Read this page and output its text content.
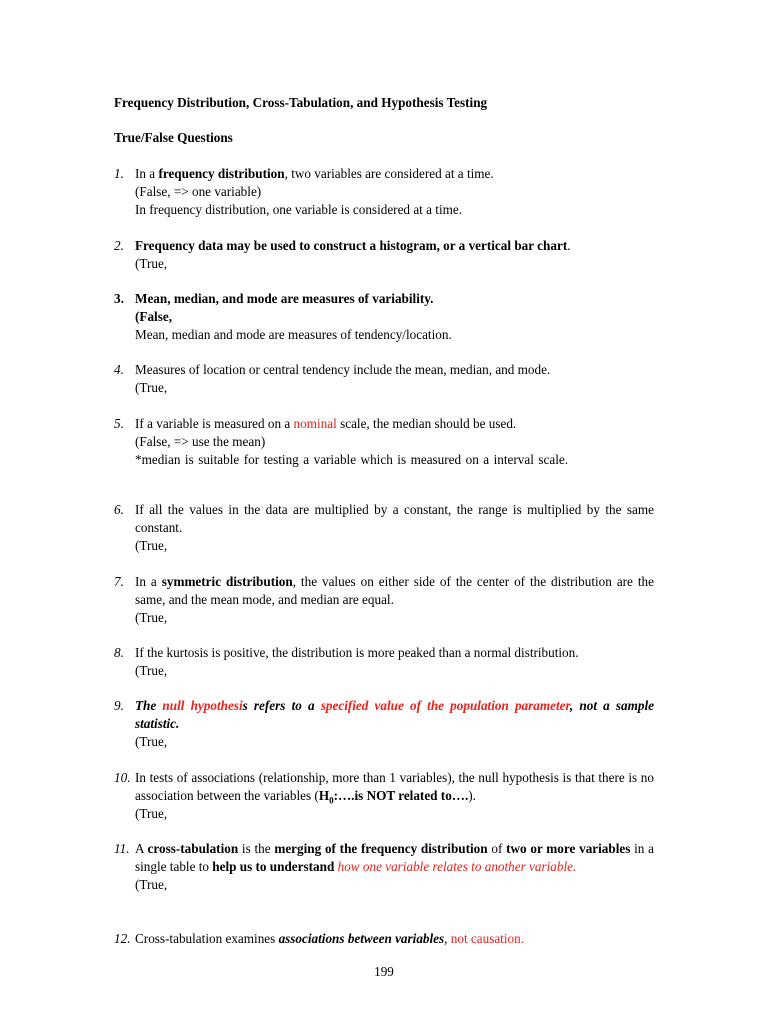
Frequency Distribution, Cross-Tabulation, and Hypothesis Testing
True/False Questions
1. In a frequency distribution, two variables are considered at a time.
(False, => one variable)
In frequency distribution, one variable is considered at a time.
2. Frequency data may be used to construct a histogram, or a vertical bar chart.
(True,
3. Mean, median, and mode are measures of variability.
(False,
Mean, median and mode are measures of tendency/location.
4. Measures of location or central tendency include the mean, median, and mode.
(True,
5. If a variable is measured on a nominal scale, the median should be used.
(False, => use the mean)
*median is suitable for testing a variable which is measured on a interval scale.
6. If all the values in the data are multiplied by a constant, the range is multiplied by the same constant.
(True,
7. In a symmetric distribution, the values on either side of the center of the distribution are the same, and the mean mode, and median are equal.
(True,
8. If the kurtosis is positive, the distribution is more peaked than a normal distribution.
(True,
9. The null hypothesis refers to a specified value of the population parameter, not a sample statistic.
(True,
10. In tests of associations (relationship, more than 1 variables), the null hypothesis is that there is no association between the variables ($H_0:\dots.is$ NOT related to….).
(True,
11. A cross-tabulation is the merging of the frequency distribution of two or more variables in a single table to help us to understand how one variable relates to another variable.
(True,
12. Cross-tabulation examines associations between variables, not causation.
199
